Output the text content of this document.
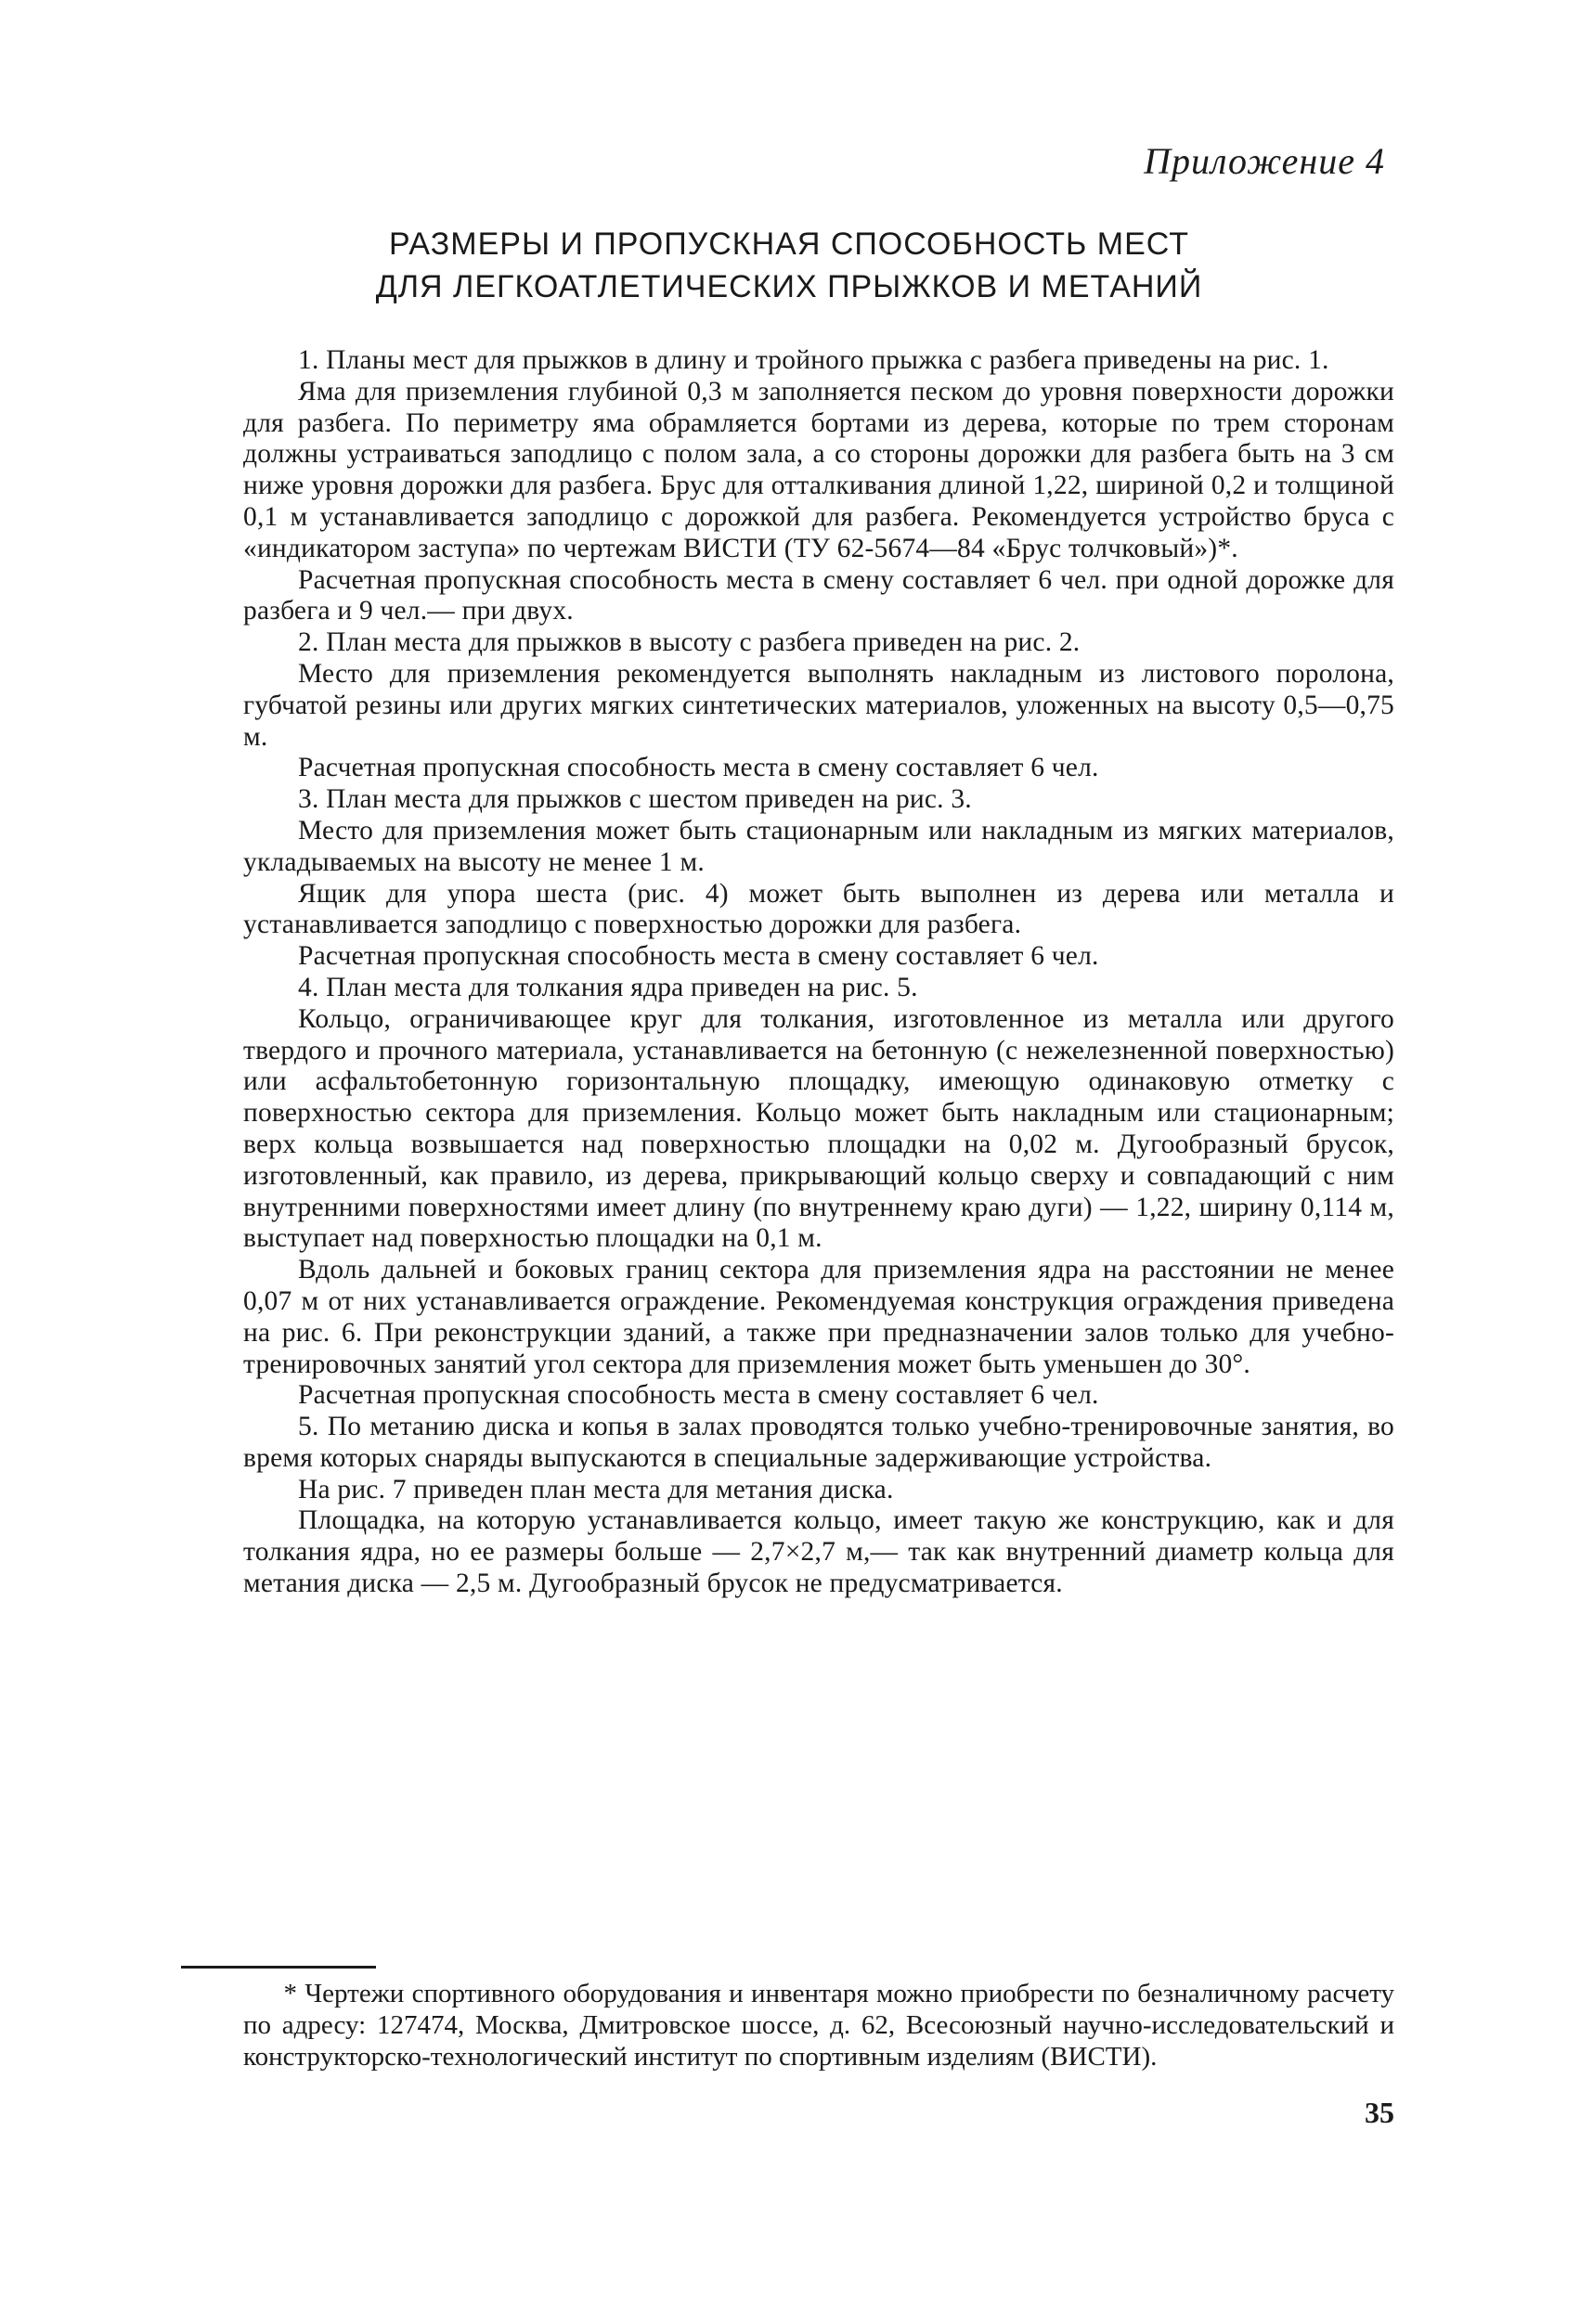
Приложение 4
РАЗМЕРЫ И ПРОПУСКНАЯ СПОСОБНОСТЬ МЕСТ
ДЛЯ ЛЕГКОАТЛЕТИЧЕСКИХ ПРЫЖКОВ И МЕТАНИЙ

1. Планы мест для прыжков в длину и тройного прыжка с разбега приведены на рис. 1.

Яма для приземления глубиной 0,3 м заполняется песком до уровня поверхности дорожки для разбега. По периметру яма обрамляется бортами из дерева, которые по трем сторонам должны устраиваться заподлицо с полом зала, а со стороны дорожки для разбега быть на 3 см ниже уровня дорожки для разбега. Брус для отталкивания длиной 1,22, шириной 0,2 и толщиной 0,1 м устанавливается заподлицо с дорожкой для разбега. Рекомендуется устройство бруса с «индикатором заступа» по чертежам ВИСТИ (ТУ 62-5674—84 «Брус толчковый»)*.

Расчетная пропускная способность места в смену составляет 6 чел. при одной дорожке для разбега и 9 чел.— при двух.

2. План места для прыжков в высоту с разбега приведен на рис. 2.

Место для приземления рекомендуется выполнять накладным из листового поролона, губчатой резины или других мягких синтетических материалов, уложенных на высоту 0,5—0,75 м.

Расчетная пропускная способность места в смену составляет 6 чел.

3. План места для прыжков с шестом приведен на рис. 3.

Место для приземления может быть стационарным или накладным из мягких материалов, укладываемых на высоту не менее 1 м.

Ящик для упора шеста (рис. 4) может быть выполнен из дерева или металла и устанавливается заподлицо с поверхностью дорожки для разбега.

Расчетная пропускная способность места в смену составляет 6 чел.

4. План места для толкания ядра приведен на рис. 5.

Кольцо, ограничивающее круг для толкания, изготовленное из металла или другого твердого и прочного материала, устанавливается на бетонную (с нежелезненной поверхностью) или асфальтобетонную горизонтальную площадку, имеющую одинаковую отметку с поверхностью сектора для приземления. Кольцо может быть накладным или стационарным; верх кольца возвышается над поверхностью площадки на 0,02 м. Дугообразный брусок, изготовленный, как правило, из дерева, прикрывающий кольцо сверху и совпадающий с ним внутренними поверхностями имеет длину (по внутреннему краю дуги) — 1,22, ширину 0,114 м, выступает над поверхностью площадки на 0,1 м.

Вдоль дальней и боковых границ сектора для приземления ядра на расстоянии не менее 0,07 м от них устанавливается ограждение. Рекомендуемая конструкция ограждения приведена на рис. 6. При реконструкции зданий, а также при предназначении залов только для учебно-тренировочных занятий угол сектора для приземления может быть уменьшен до 30°.

Расчетная пропускная способность места в смену составляет 6 чел.

5. По метанию диска и копья в залах проводятся только учебно-тренировочные занятия, во время которых снаряды выпускаются в специальные задерживающие устройства.

На рис. 7 приведен план места для метания диска.

Площадка, на которую устанавливается кольцо, имеет такую же конструкцию, как и для толкания ядра, но ее размеры больше — 2,7×2,7 м,— так как внутренний диаметр кольца для метания диска — 2,5 м. Дугообразный брусок не предусматривается.

* Чертежи спортивного оборудования и инвентаря можно приобрести по безналичному расчету по адресу: 127474, Москва, Дмитровское шоссе, д. 62, Всесоюзный научно-исследовательский и конструкторско-технологический институт по спортивным изделиям (ВИСТИ).

35
